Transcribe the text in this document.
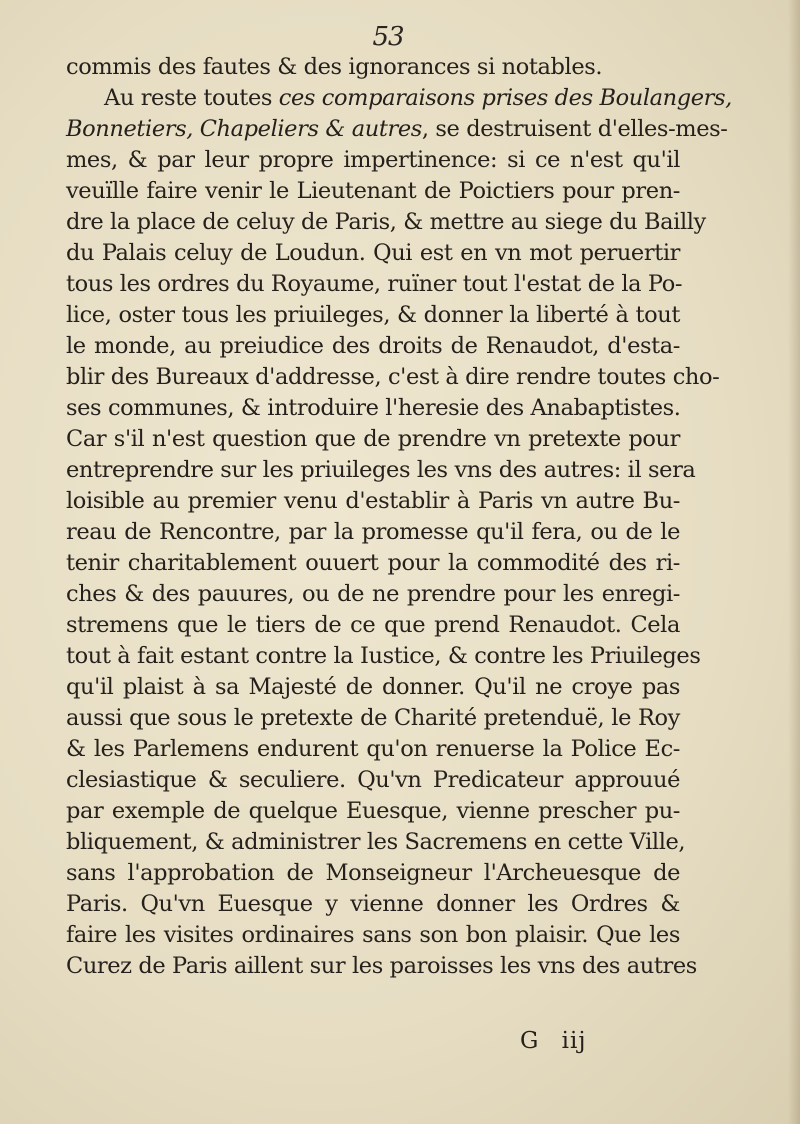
53
commis des fautes & des ignorances si notables.
Au reste toutes ces comparaisons prises des Boulangers,
Bonnetiers, Chapeliers & autres, se destruisent d'elles-mes-
mes, & par leur propre impertinence: si ce n'est qu'il
veuïlle faire venir le Lieutenant de Poictiers pour pren-
dre la place de celuy de Paris, & mettre au siege du Bailly
du Palais celuy de Loudun. Qui est en vn mot peruertir
tous les ordres du Royaume, ruïner tout l'estat de la Po-
lice, oster tous les priuileges, & donner la liberté à tout
le monde, au preiudice des droits de Renaudot, d'esta-
blir des Bureaux d'addresse, c'est à dire rendre toutes cho-
ses communes, & introduire l'heresie des Anabaptistes.
Car s'il n'est question que de prendre vn pretexte pour
entreprendre sur les priuileges les vns des autres: il sera
loisible au premier venu d'establir à Paris vn autre Bu-
reau de Rencontre, par la promesse qu'il fera, ou de le
tenir charitablement ouuert pour la commodité des ri-
ches & des pauures, ou de ne prendre pour les enregi-
stremens que le tiers de ce que prend Renaudot. Cela
tout à fait estant contre la Iustice, & contre les Priuileges
qu'il plaist à sa Majesté de donner. Qu'il ne croye pas
aussi que sous le pretexte de Charité pretenduë, le Roy
& les Parlemens endurent qu'on renuerse la Police Ec-
clesiastique & seculiere. Qu'vn Predicateur approuué
par exemple de quelque Euesque, vienne prescher pu-
bliquement, & administrer les Sacremens en cette Ville,
sans l'approbation de Monseigneur l'Archeuesque de
Paris. Qu'vn Euesque y vienne donner les Ordres &
faire les visites ordinaires sans son bon plaisir. Que les
Curez de Paris aillent sur les paroisses les vns des autres
G iij
